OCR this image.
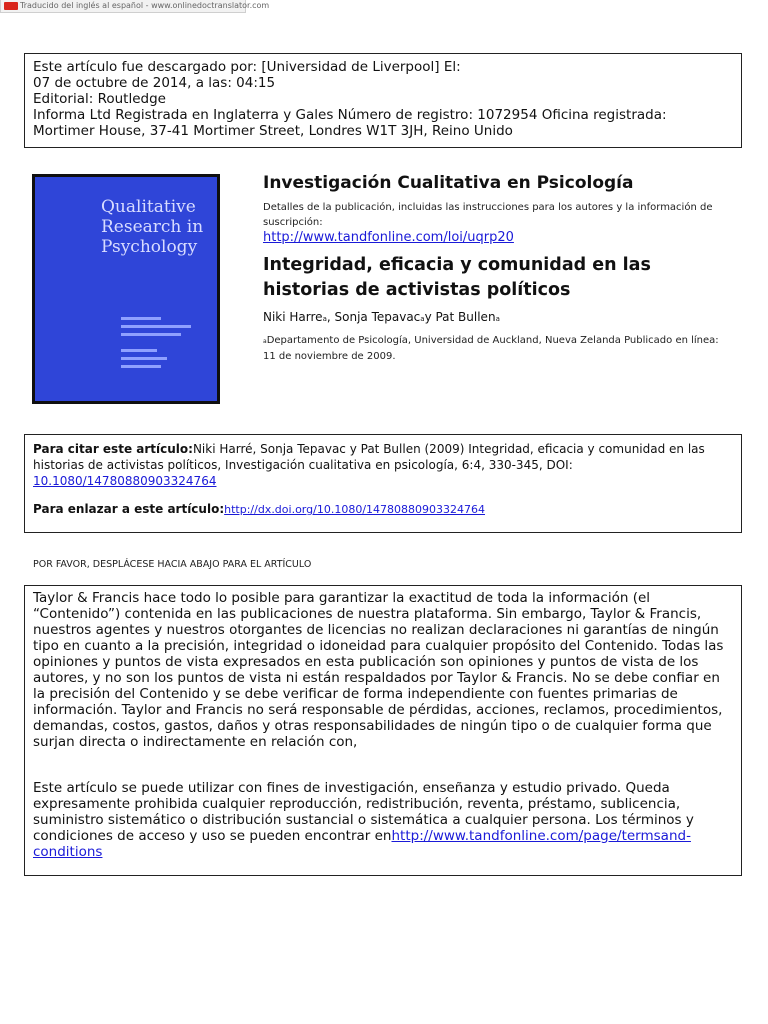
Traducido del inglés al español - www.onlinedoctranslator.com
Este artículo fue descargado por: [Universidad de Liverpool] El:
07 de octubre de 2014, a las: 04:15
Editorial: Routledge
Informa Ltd Registrada en Inglaterra y Gales Número de registro: 1072954 Oficina registrada:
Mortimer House, 37-41 Mortimer Street, Londres W1T 3JH, Reino Unido
Qualitative Research in Psychology
Investigación Cualitativa en Psicología
Detalles de la publicación, incluidas las instrucciones para los autores y la información de suscripción:
http://www.tandfonline.com/loi/uqrp20
Integridad, eficacia y comunidad en las historias de activistas políticos
Niki Harrea, Sonja Tepavacay Pat Bullena
aDepartamento de Psicología, Universidad de Auckland, Nueva Zelanda Publicado en línea: 11 de noviembre de 2009.
Para citar este artículo:Niki Harré, Sonja Tepavac y Pat Bullen (2009) Integridad, eficacia y comunidad en las historias de activistas políticos, Investigación cualitativa en psicología, 6:4, 330-345, DOI: 10.1080/14780880903324764
Para enlazar a este artículo:http://dx.doi.org/10.1080/14780880903324764
POR FAVOR, DESPLÁCESE HACIA ABAJO PARA EL ARTÍCULO
Taylor & Francis hace todo lo posible para garantizar la exactitud de toda la información (el “Contenido”) contenida en las publicaciones de nuestra plataforma. Sin embargo, Taylor & Francis, nuestros agentes y nuestros otorgantes de licencias no realizan declaraciones ni garantías de ningún tipo en cuanto a la precisión, integridad o idoneidad para cualquier propósito del Contenido. Todas las opiniones y puntos de vista expresados en esta publicación son opiniones y puntos de vista de los autores, y no son los puntos de vista ni están respaldados por Taylor & Francis. No se debe confiar en la precisión del Contenido y se debe verificar de forma independiente con fuentes primarias de información. Taylor and Francis no será responsable de pérdidas, acciones, reclamos, procedimientos, demandas, costos, gastos, daños y otras responsabilidades de ningún tipo o de cualquier forma que surjan directa o indirectamente en relación con,
Este artículo se puede utilizar con fines de investigación, enseñanza y estudio privado. Queda expresamente prohibida cualquier reproducción, redistribución, reventa, préstamo, sublicencia, suministro sistemático o distribución sustancial o sistemática a cualquier persona. Los términos y condiciones de acceso y uso se pueden encontrar enhttp://www.tandfonline.com/page/termsand-conditions
